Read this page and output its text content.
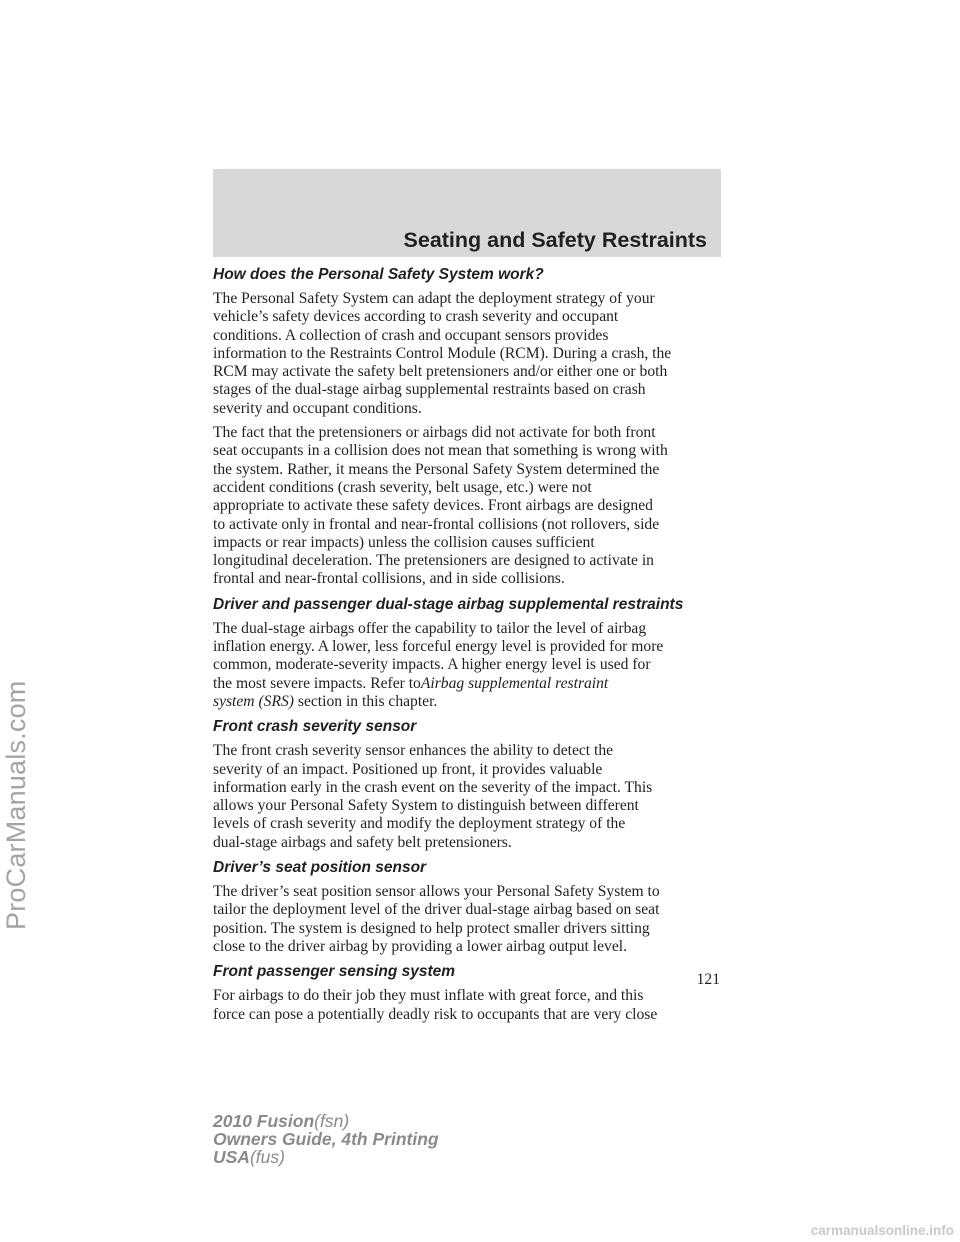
Seating and Safety Restraints
How does the Personal Safety System work?
The Personal Safety System can adapt the deployment strategy of your
vehicle’s safety devices according to crash severity and occupant
conditions. A collection of crash and occupant sensors provides
information to the Restraints Control Module (RCM). During a crash, the
RCM may activate the safety belt pretensioners and/or either one or both
stages of the dual-stage airbag supplemental restraints based on crash
severity and occupant conditions.
The fact that the pretensioners or airbags did not activate for both front
seat occupants in a collision does not mean that something is wrong with
the system. Rather, it means the Personal Safety System determined the
accident conditions (crash severity, belt usage, etc.) were not
appropriate to activate these safety devices. Front airbags are designed
to activate only in frontal and near-frontal collisions (not rollovers, side
impacts or rear impacts) unless the collision causes sufficient
longitudinal deceleration. The pretensioners are designed to activate in
frontal and near-frontal collisions, and in side collisions.
Driver and passenger dual-stage airbag supplemental restraints
The dual-stage airbags offer the capability to tailor the level of airbag
inflation energy. A lower, less forceful energy level is provided for more
common, moderate-severity impacts. A higher energy level is used for
the most severe impacts. Refer toAirbag supplemental restraint
system (SRS) section in this chapter.
Front crash severity sensor
The front crash severity sensor enhances the ability to detect the
severity of an impact. Positioned up front, it provides valuable
information early in the crash event on the severity of the impact. This
allows your Personal Safety System to distinguish between different
levels of crash severity and modify the deployment strategy of the
dual-stage airbags and safety belt pretensioners.
Driver’s seat position sensor
The driver’s seat position sensor allows your Personal Safety System to
tailor the deployment level of the driver dual-stage airbag based on seat
position. The system is designed to help protect smaller drivers sitting
close to the driver airbag by providing a lower airbag output level.
Front passenger sensing system
For airbags to do their job they must inflate with great force, and this
force can pose a potentially deadly risk to occupants that are very close
121
2010 Fusion(fsn)
Owners Guide, 4th Printing
USA(fus)
ProCarManuals.com
carmanualsonline.info
